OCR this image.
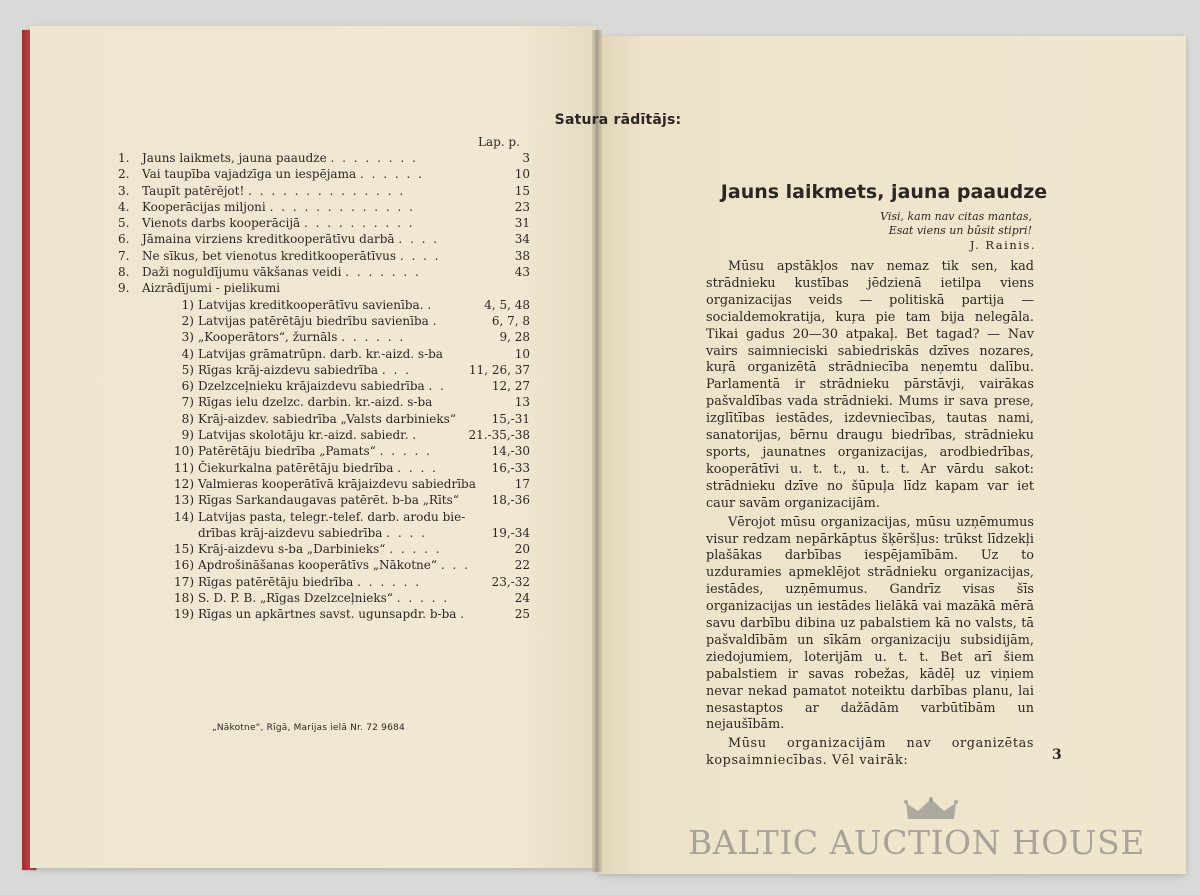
Satura rādītājs:
Lap. p.
1. Jauns laikmets, jauna paaudze . . . . . . . .	3
2. Vai taupība vajadzīga un iespējama . . . . . .	10
3. Taupīt patērējot! . . . . . . . . . . . . . .	15
4. Kooperācijas miljoni . . . . . . . . . . . . .	23
5. Vienots darbs kooperācijā . . . . . . . . . .	31
6. Jāmaina virziens kreditkooperātīvu darbā . . . .	34
7. Ne sīkus, bet vienotus kreditkooperātīvus . . . .	38
8. Daži noguldījumu vākšanas veidi . . . . . . .	43
9. Aizrādījumi - pielikumi
1) Latvijas kreditkooperātīvu savienība. .	4, 5, 48
2) Latvijas patērētāju biedrību savienība .	6, 7, 8
3) „Kooperātors“, žurnāls . . . . . .	9, 28
4) Latvijas grāmatrūpn. darb. kr.-aizd. s-ba	10
5) Rīgas krāj-aizdevu sabiedrība . . .	11, 26, 37
6) Dzelzceļnieku krājaizdevu sabiedrība . .	12, 27
7) Rīgas ielu dzelzc. darbin. kr.-aizd. s-ba	13
8) Krāj-aizdev. sabiedrība „Valsts darbinieks“	15,-31
9) Latvijas skolotāju kr.-aizd. sabiedr. .	21.-35,-38
10) Patērētāju biedrība „Pamats“ . . . . .	14,-30
11) Čiekurkalna patērētāju biedrība . . . .	16,-33
12) Valmieras kooperātīvā krājaizdevu sabiedrība	17
13) Rīgas Sarkandaugavas patērēt. b-ba „Rīts“	18,-36
14) Latvijas pasta, telegr.-telef. darb. arodu bie-
drības krāj-aizdevu sabiedrība . . . .	19,-34
15) Krāj-aizdevu s-ba „Darbinieks“ . . . . .	20
16) Apdrošināšanas kooperātīvs „Nākotne“ . . .	22
17) Rīgas patērētāju biedrība . . . . . .	23,-32
18) S. D. P. B. „Rīgas Dzelzceļnieks“ . . . . .	24
19) Rīgas un apkārtnes savst. ugunsapdr. b-ba .	25
„Nākotne“, Rīgā, Marijas ielā Nr. 72 9684
Jauns laikmets, jauna paaudze
Visi, kam nav citas mantas,
Esat viens un būsit stipri!
J. Rainis.

Mūsu apstākļos nav nemaz tik sen, kad strādnieku kustības jēdzienā ietilpa viens organizacijas veids — politiskā partija — socialdemokratija, kuŗa pie tam bija nelegāla. Tikai gadus 20—30 atpakaļ. Bet tagad? — Nav vairs saimnieciski sabiedriskās dzīves nozares, kuŗā organizētā strādniecība neņemtu dalību. Parlamentā ir strādnieku pārstāvji, vairākas pašvaldības vada strādnieki. Mums ir sava prese, izglītības iestādes, izdevniecības, tautas nami, sanatorijas, bērnu draugu biedrības, strādnieku sports, jaunatnes organizacijas, arodbiedrības, kooperātīvi u. t. t., u. t. t. Ar vārdu sakot: strādnieku dzīve no šūpuļa līdz kapam var iet caur savām organizacijām.

Vērojot mūsu organizacijas, mūsu uzņēmumus visur redzam nepārkāptus šķēršļus: trūkst līdzekļi plašākas darbības iespējamībām. Uz to uzduramies apmeklējot strādnieku organizacijas, iestādes, uzņēmumus. Gandrīz visas šīs organizacijas un iestādes lielākā vai mazākā mērā savu darbību dibina uz pabalstiem kā no valsts, tā pašvaldībām un sīkām organizaciju subsidijām, ziedojumiem, loterijām u. t. t. Bet arī šiem pabalstiem ir savas robežas, kādēļ uz viņiem nevar nekad pamatot noteiktu darbības planu, lai nesastaptos ar dažādām varbūtībām un nejaušībām.

Mūsu organizacijām nav organizētas kopsaimniecības. Vēl vairāk:	3
BALTIC AUCTION HOUSE
